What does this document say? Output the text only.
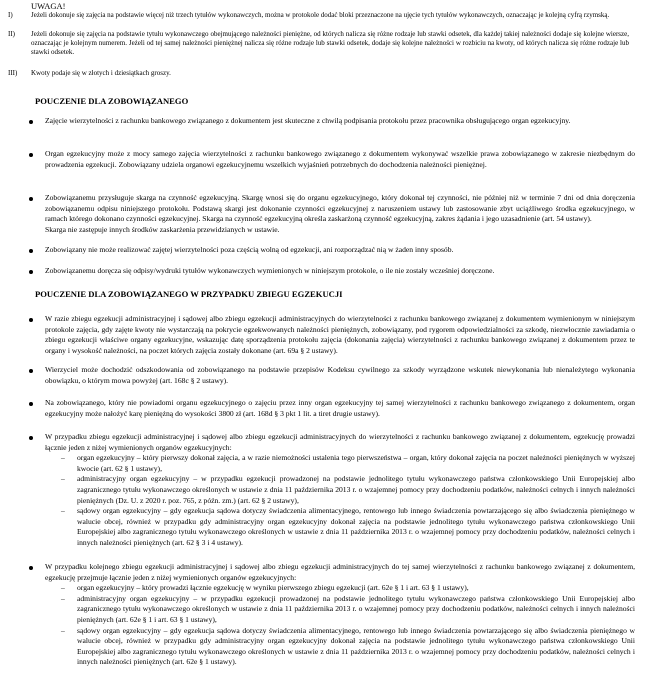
UWAGA!
I)	Jeżeli dokonuje się zajęcia na podstawie więcej niż trzech tytułów wykonawczych, można w protokole dodać bloki przeznaczone na ujęcie tych tytułów wykonawczych, oznaczając je kolejną cyfrą rzymską.
II) Jeżeli dokonuje się zajęcia na podstawie tytułu wykonawczego obejmującego należności pieniężne, od których nalicza się różne rodzaje lub stawki odsetek, dla każdej takiej należności dodaje się kolejne wiersze, oznaczając je kolejnym numerem. Jeżeli od tej samej należności pieniężnej nalicza się różne rodzaje lub stawki odsetek, dodaje się kolejne należności w rozbiciu na kwoty, od których nalicza się różne rodzaje lub stawki odsetek.
III) Kwoty podaje się w złotych i dziesiątkach groszy.
POUCZENIE DLA ZOBOWIĄZANEGO
Zajęcie wierzytelności z rachunku bankowego związanego z dokumentem jest skuteczne z chwilą podpisania protokołu przez pracownika obsługującego organ egzekucyjny.
Organ egzekucyjny może z mocy samego zajęcia wierzytelności z rachunku bankowego związanego z dokumentem wykonywać wszelkie prawa zobowiązanego w zakresie niezbędnym do prowadzenia egzekucji. Zobowiązany udziela organowi egzekucyjnemu wszelkich wyjaśnień potrzebnych do dochodzenia należności pieniężnej.
Zobowiązanemu przysługuje skarga na czynność egzekucyjną. Skargę wnosi się do organu egzekucyjnego, który dokonał tej czynności, nie później niż w terminie 7 dni od dnia doręczenia zobowiązanemu odpisu niniejszego protokołu. Podstawą skargi jest dokonanie czynności egzekucyjnej z naruszeniem ustawy lub zastosowanie zbyt uciążliwego środka egzekucyjnego, w ramach którego dokonano czynności egzekucyjnej. Skarga na czynność egzekucyjną określa zaskarżoną czynność egzekucyjną, zakres żądania i jego uzasadnienie (art. 54 ustawy).
Skarga nie zastępuje innych środków zaskarżenia przewidzianych w ustawie.
Zobowiązany nie może realizować zajętej wierzytelności poza częścią wolną od egzekucji, ani rozporządzać nią w żaden inny sposób.
Zobowiązanemu doręcza się odpisy/wydruki tytułów wykonawczych wymienionych w niniejszym protokole, o ile nie zostały wcześniej doręczone.
POUCZENIE DLA ZOBOWIĄZANEGO W PRZYPADKU ZBIEGU EGZEKUCJI
W razie zbiegu egzekucji administracyjnej i sądowej albo zbiegu egzekucji administracyjnych do wierzytelności z rachunku bankowego związanej z dokumentem wymienionym w niniejszym protokole zajęcia, gdy zajęte kwoty nie wystarczają na pokrycie egzekwowanych należności pieniężnych, zobowiązany, pod rygorem odpowiedzialności za szkodę, niezwłocznie zawiadamia o zbiegu egzekucji właściwe organy egzekucyjne, wskazując datę sporządzenia protokołu zajęcia (dokonania zajęcia) wierzytelności z rachunku bankowego związanej z dokumentem przez te organy i wysokość należności, na poczet których zajęcia zostały dokonane (art. 69a § 2 ustawy).
Wierzyciel może dochodzić odszkodowania od zobowiązanego na podstawie przepisów Kodeksu cywilnego za szkody wyrządzone wskutek niewykonania lub nienależytego wykonania obowiązku, o którym mowa powyżej (art. 168c § 2 ustawy).
Na zobowiązanego, który nie powiadomi organu egzekucyjnego o zajęciu przez inny organ egzekucyjny tej samej wierzytelności z rachunku bankowego związanego z dokumentem, organ egzekucyjny może nałożyć karę pieniężną do wysokości 3800 zł (art. 168d § 3 pkt 1 lit. a tiret drugie ustawy).
W przypadku zbiegu egzekucji administracyjnej i sądowej albo zbiegu egzekucji administracyjnych do wierzytelności z rachunku bankowego związanej z dokumentem, egzekucję prowadzi łącznie jeden z niżej wymienionych organów egzekucyjnych:
–	organ egzekucyjny – który pierwszy dokonał zajęcia, a w razie niemożności ustalenia tego pierwszeństwa – organ, który dokonał zajęcia na poczet należności pieniężnych w wyższej kwocie (art. 62 § 1 ustawy),
–	administracyjny organ egzekucyjny – w przypadku egzekucji prowadzonej na podstawie jednolitego tytułu wykonawczego państwa członkowskiego Unii Europejskiej albo zagranicznego tytułu wykonawczego określonych w ustawie z dnia 11 października 2013 r. o wzajemnej pomocy przy dochodzeniu podatków, należności celnych i innych należności pieniężnych (Dz. U. z 2020 r. poz. 765, z późn. zm.) (art. 62 § 2 ustawy),
–	sądowy organ egzekucyjny – gdy egzekucja sądowa dotyczy świadczenia alimentacyjnego, rentowego lub innego świadczenia powtarzającego się albo świadczenia pieniężnego w walucie obcej, również w przypadku gdy administracyjny organ egzekucyjny dokonał zajęcia na podstawie jednolitego tytułu wykonawczego państwa członkowskiego Unii Europejskiej albo zagranicznego tytułu wykonawczego określonych w ustawie z dnia 11 października 2013 r. o wzajemnej pomocy przy dochodzeniu podatków, należności celnych i innych należności pieniężnych (art. 62 § 3 i 4 ustawy).
W przypadku kolejnego zbiegu egzekucji administracyjnej i sądowej albo zbiegu egzekucji administracyjnych do tej samej wierzytelności z rachunku bankowego związanej z dokumentem, egzekucję przejmuje łącznie jeden z niżej wymienionych organów egzekucyjnych:
–	organ egzekucyjny – który prowadzi łącznie egzekucję w wyniku pierwszego zbiegu egzekucji (art. 62e § 1 i art. 63 § 1 ustawy),
–	administracyjny organ egzekucyjny – w przypadku egzekucji prowadzonej na podstawie jednolitego tytułu wykonawczego państwa członkowskiego Unii Europejskiej albo zagranicznego tytułu wykonawczego określonych w ustawie z dnia 11 października 2013 r. o wzajemnej pomocy przy dochodzeniu podatków, należności celnych i innych należności pieniężnych (art. 62e § 1 i art. 63 § 1 ustawy),
–	sądowy organ egzekucyjny – gdy egzekucja sądowa dotyczy świadczenia alimentacyjnego, rentowego lub innego świadczenia powtarzającego się albo świadczenia pieniężnego w walucie obcej, również w przypadku gdy administracyjny organ egzekucyjny dokonał zajęcia na podstawie jednolitego tytułu wykonawczego państwa członkowskiego Unii Europejskiej albo zagranicznego tytułu wykonawczego określonych w ustawie z dnia 11 października 2013 r. o wzajemnej pomocy przy dochodzeniu podatków, należności celnych i innych należności pieniężnych (art. 62e § 1 ustawy).
